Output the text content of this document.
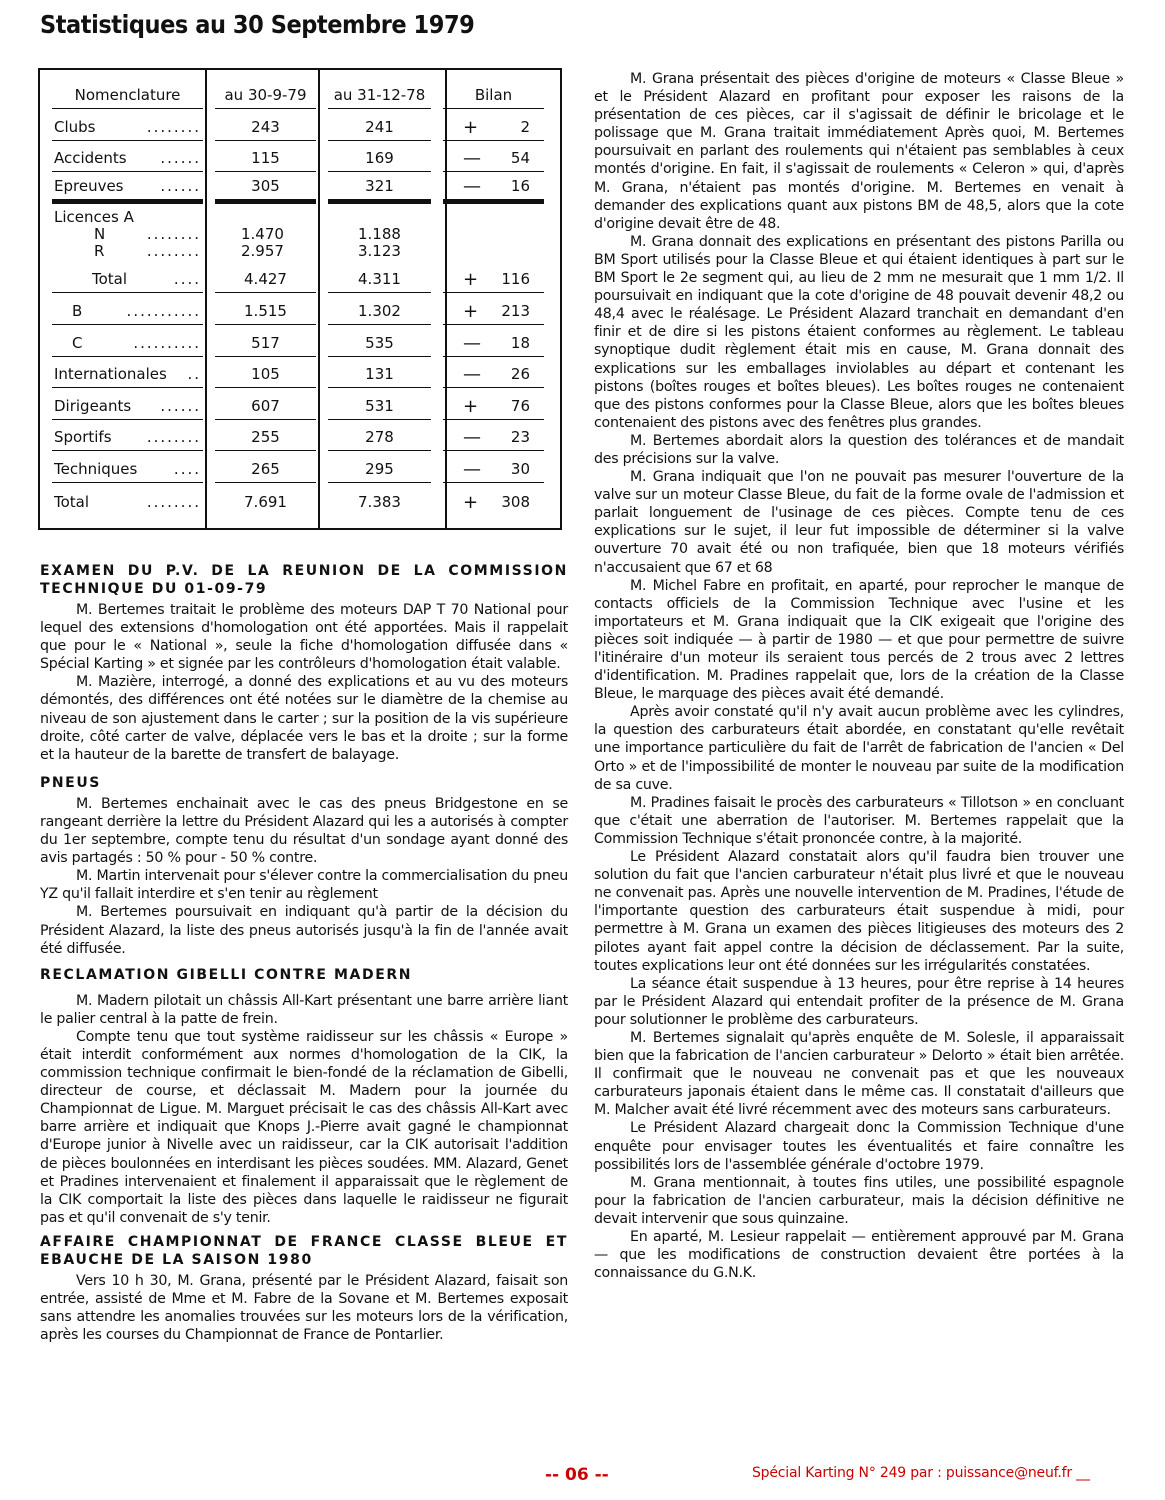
Statistiques au 30 Septembre 1979
Nomenclature	au 30-9-79	au 31-12-78	Bilan

Clubs	........	243	241	+	2

Accidents ......	115	169	— 54

Epreuves ......	305	321	— 16

Licences A
N	........
R	........

1.470
2.957

1.188
3.123

Total	....	4.427	4.311	+ 116

B	...........	1.515	1.302	+ 213

C	..........	517	535	— 18

Internationales ..	105	131	— 26

Dirigeants ......	607	531	+ 76

Sportifs ........	255	278	— 23

Techniques ....	265	295	— 30

Total	........	7.691	7.383	+ 308
EXAMEN DU P.V. DE LA REUNION DE LA COMMISSION TECHNIQUE DU 01-09-79

M. Bertemes traitait le problème des moteurs DAP T 70 National pour lequel des extensions d'homologation ont été apportées. Mais il rappelait que pour le « National », seule la fiche d'homologation diffusée dans « Spécial Karting » et signée par les contrôleurs d'homologation était valable.

M. Mazière, interrogé, a donné des explications et au vu des moteurs démontés, des différences ont été notées sur le diamètre de la chemise au niveau de son ajustement dans le carter ; sur la position de la vis supérieure droite, côté carter de valve, déplacée vers le bas et la droite ; sur la forme et la hauteur de la barette de transfert de balayage.

PNEUS

M. Bertemes enchainait avec le cas des pneus Bridgestone en se rangeant derrière la lettre du Président Alazard qui les a autorisés à compter du 1er septembre, compte tenu du résultat d'un sondage ayant donné des avis partagés : 50 % pour - 50 % contre.

M. Martin intervenait pour s'élever contre la commercialisation du pneu YZ qu'il fallait interdire et s'en tenir au règlement

M. Bertemes poursuivait en indiquant qu'à partir de la décision du Président Alazard, la liste des pneus autorisés jusqu'à la fin de l'année avait été diffusée.

RECLAMATION GIBELLI CONTRE MADERN

M. Madern pilotait un châssis All-Kart présentant une barre arrière liant le palier central à la patte de frein.

Compte tenu que tout système raidisseur sur les châssis « Europe » était interdit conformément aux normes d'homologation de la CIK, la commission technique confirmait le bien-fondé de la réclamation de Gibelli, directeur de course, et déclassait M. Madern pour la journée du Championnat de Ligue. M. Marguet précisait le cas des châssis All-Kart avec barre arrière et indiquait que Knops J.-Pierre avait gagné le championnat d'Europe junior à Nivelle avec un raidisseur, car la CIK autorisait l'addition de pièces boulonnées en interdisant les pièces soudées. MM. Alazard, Genet et Pradines intervenaient et finalement il apparaissait que le règlement de la CIK comportait la liste des pièces dans laquelle le raidisseur ne figurait pas et qu'il convenait de s'y tenir.

AFFAIRE CHAMPIONNAT DE FRANCE CLASSE BLEUE ET EBAUCHE DE LA SAISON 1980

Vers 10 h 30, M. Grana, présenté par le Président Alazard, faisait son entrée, assisté de Mme et M. Fabre de la Sovane et M. Bertemes exposait sans attendre les anomalies trouvées sur les moteurs lors de la vérification, après les courses du Championnat de France de Pontarlier.

M. Grana présentait des pièces d'origine de moteurs « Classe Bleue » et le Président Alazard en profitant pour exposer les raisons de la présentation de ces pièces, car il s'agissait de définir le bricolage et le polissage que M. Grana traitait immédiatement Après quoi, M. Bertemes poursuivait en parlant des roulements qui n'étaient pas semblables à ceux montés d'origine. En fait, il s'agissait de roulements « Celeron » qui, d'après M. Grana, n'étaient pas montés d'origine. M. Bertemes en venait à demander des explications quant aux pistons BM de 48,5, alors que la cote d'origine devait être de 48.

M. Grana donnait des explications en présentant des pistons Parilla ou BM Sport utilisés pour la Classe Bleue et qui étaient identiques à part sur le BM Sport le 2e segment qui, au lieu de 2 mm ne mesurait que 1 mm 1/2. Il poursuivait en indiquant que la cote d'origine de 48 pouvait devenir 48,2 ou 48,4 avec le réalésage. Le Président Alazard tranchait en demandant d'en finir et de dire si les pistons étaient conformes au règlement. Le tableau synoptique dudit règlement était mis en cause, M. Grana donnait des explications sur les emballages inviolables au départ et contenant les pistons (boîtes rouges et boîtes bleues). Les boîtes rouges ne contenaient que des pistons conformes pour la Classe Bleue, alors que les boîtes bleues contenaient des pistons avec des fenêtres plus grandes.

M. Bertemes abordait alors la question des tolérances et de mandait des précisions sur la valve.

M. Grana indiquait que l'on ne pouvait pas mesurer l'ouverture de la valve sur un moteur Classe Bleue, du fait de la forme ovale de l'admission et parlait longuement de l'usinage de ces pièces. Compte tenu de ces explications sur le sujet, il leur fut impossible de déterminer si la valve ouverture 70 avait été ou non trafiquée, bien que 18 moteurs vérifiés n'accusaient que 67 et 68

M. Michel Fabre en profitait, en aparté, pour reprocher le manque de contacts officiels de la Commission Technique avec l'usine et les importateurs et M. Grana indiquait que la CIK exigeait que l'origine des pièces soit indiquée — à partir de 1980 — et que pour permettre de suivre l'itinéraire d'un moteur ils seraient tous percés de 2 trous avec 2 lettres d'identification. M. Pradines rappelait que, lors de la création de la Classe Bleue, le marquage des pièces avait été demandé.

Après avoir constaté qu'il n'y avait aucun problème avec les cylindres, la question des carburateurs était abordée, en constatant qu'elle revêtait une importance particulière du fait de l'arrêt de fabrication de l'ancien « Del Orto » et de l'impossibilité de monter le nouveau par suite de la modification de sa cuve.

M. Pradines faisait le procès des carburateurs « Tillotson » en concluant que c'était une aberration de l'autoriser. M. Bertemes rappelait que la Commission Technique s'était prononcée contre, à la majorité.

Le Président Alazard constatait alors qu'il faudra bien trouver une solution du fait que l'ancien carburateur n'était plus livré et que le nouveau ne convenait pas. Après une nouvelle intervention de M. Pradines, l'étude de l'importante question des carburateurs était suspendue à midi, pour permettre à M. Grana un examen des pièces litigieuses des moteurs des 2 pilotes ayant fait appel contre la décision de déclassement. Par la suite, toutes explications leur ont été données sur les irrégularités constatées.

La séance était suspendue à 13 heures, pour être reprise à 14 heures par le Président Alazard qui entendait profiter de la présence de M. Grana pour solutionner le problème des carburateurs.

M. Bertemes signalait qu'après enquête de M. Solesle, il apparaissait bien que la fabrication de l'ancien carburateur » Delorto » était bien arrêtée. Il confirmait que le nouveau ne convenait pas et que les nouveaux carburateurs japonais étaient dans le même cas. Il constatait d'ailleurs que M. Malcher avait été livré récemment avec des moteurs sans carburateurs.

Le Président Alazard chargeait donc la Commission Technique d'une enquête pour envisager toutes les éventualités et faire connaître les possibilités lors de l'assemblée générale d'octobre 1979.

M. Grana mentionnait, à toutes fins utiles, une possibilité espagnole pour la fabrication de l'ancien carburateur, mais la décision définitive ne devait intervenir que sous quinzaine.

En aparté, M. Lesieur rappelait — entièrement approuvé par M. Grana — que les modifications de construction devaient être portées à la connaissance du G.N.K.

-- 06 --	Spécial Karting N° 249 par : puissance@neuf.fr __
